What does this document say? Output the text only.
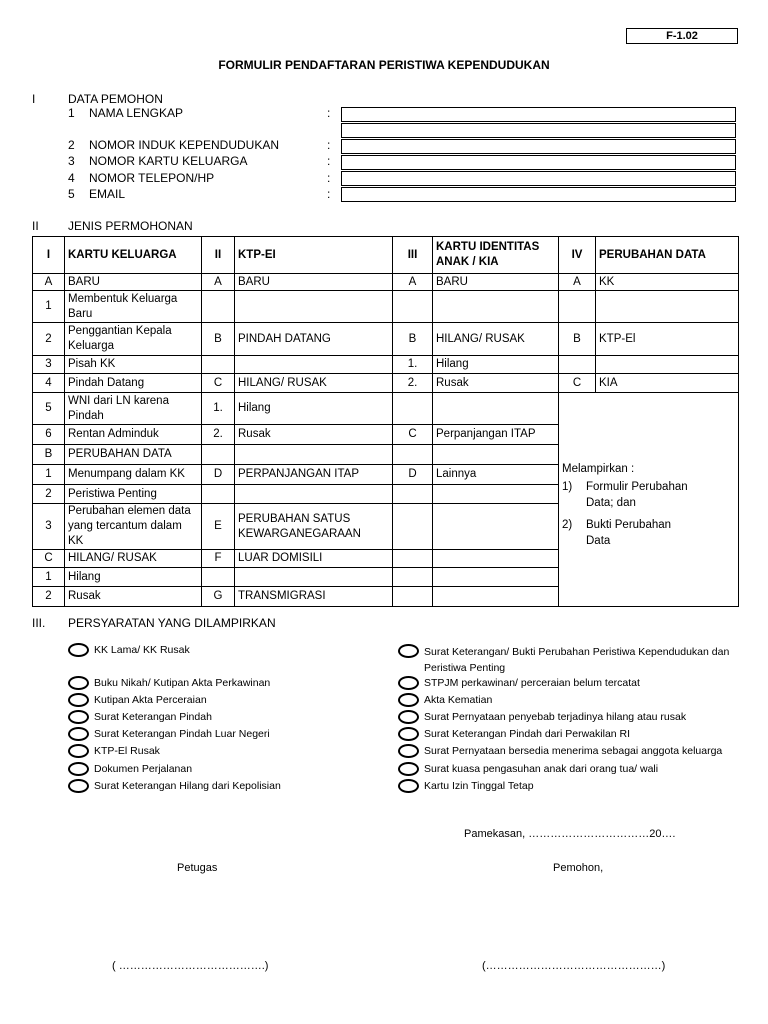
F-1.02
FORMULIR PENDAFTARAN PERISTIWA KEPENDUDUKAN
I	DATA PEMOHON
1 NAMA LENGKAP	:
2 NOMOR INDUK KEPENDUDUKAN	:
3 NOMOR KARTU KELUARGA	:
4 NOMOR TELEPON/HP	:
5 EMAIL	:
II JENIS PERMOHONAN
I	KARTU KELUARGA	II	KTP-EI	III	KARTU IDENTITAS ANAK / KIA	IV	PERUBAHAN DATA
A	BARU	A	BARU	A	BARU	A	KK
1	Membentuk Keluarga Baru						
2	Penggantian Kepala Keluarga	B	PINDAH DATANG	B	HILANG/ RUSAK	B	KTP-El
3	Pisah KK			1.	Hilang		
4	Pindah Datang	C	HILANG/ RUSAK	2.	Rusak	C	KIA
5	WNI dari LN karena Pindah	1.	Hilang			Melampirkan :
1) Formulir Perubahan Data; dan
2) Bukti Perubahan Data	

6	Rentan Adminduk	2.	Rusak	C	Perpanjangan ITAP		
B	PERUBAHAN DATA						
1	Menumpang dalam KK	D	PERPANJANGAN ITAP	D	Lainnya		
2	Peristiwa Penting						
3	Perubahan elemen data yang tercantum dalam KK	E	PERUBAHAN SATUS KEWARGANEGARAAN				
C	HILANG/ RUSAK	F	LUAR DOMISILI				
1	Hilang						
2	Rusak	G	TRANSMIGRASI				
III. PERSYARATAN YANG DILAMPIRKAN
KK Lama/ KK Rusak
Buku Nikah/ Kutipan Akta Perkawinan
Kutipan Akta Perceraian
Surat Keterangan Pindah
Surat Keterangan Pindah Luar Negeri
KTP-El Rusak
Dokumen Perjalanan
Surat Keterangan Hilang dari Kepolisian
Surat Keterangan/ Bukti Perubahan Peristiwa Kependudukan dan Peristiwa Penting
STPJM perkawinan/ perceraian belum tercatat
Akta Kematian
Surat Pernyataan penyebab terjadinya hilang atau rusak
Surat Keterangan Pindah dari Perwakilan RI
Surat Pernyataan bersedia menerima sebagai anggota keluarga
Surat kuasa pengasuhan anak dari orang tua/ wali
Kartu Izin Tinggal Tetap
Pamekasan, ……………………………20….
Petugas	Pemohon,
( ………………………………….)	(…………………………………………)
